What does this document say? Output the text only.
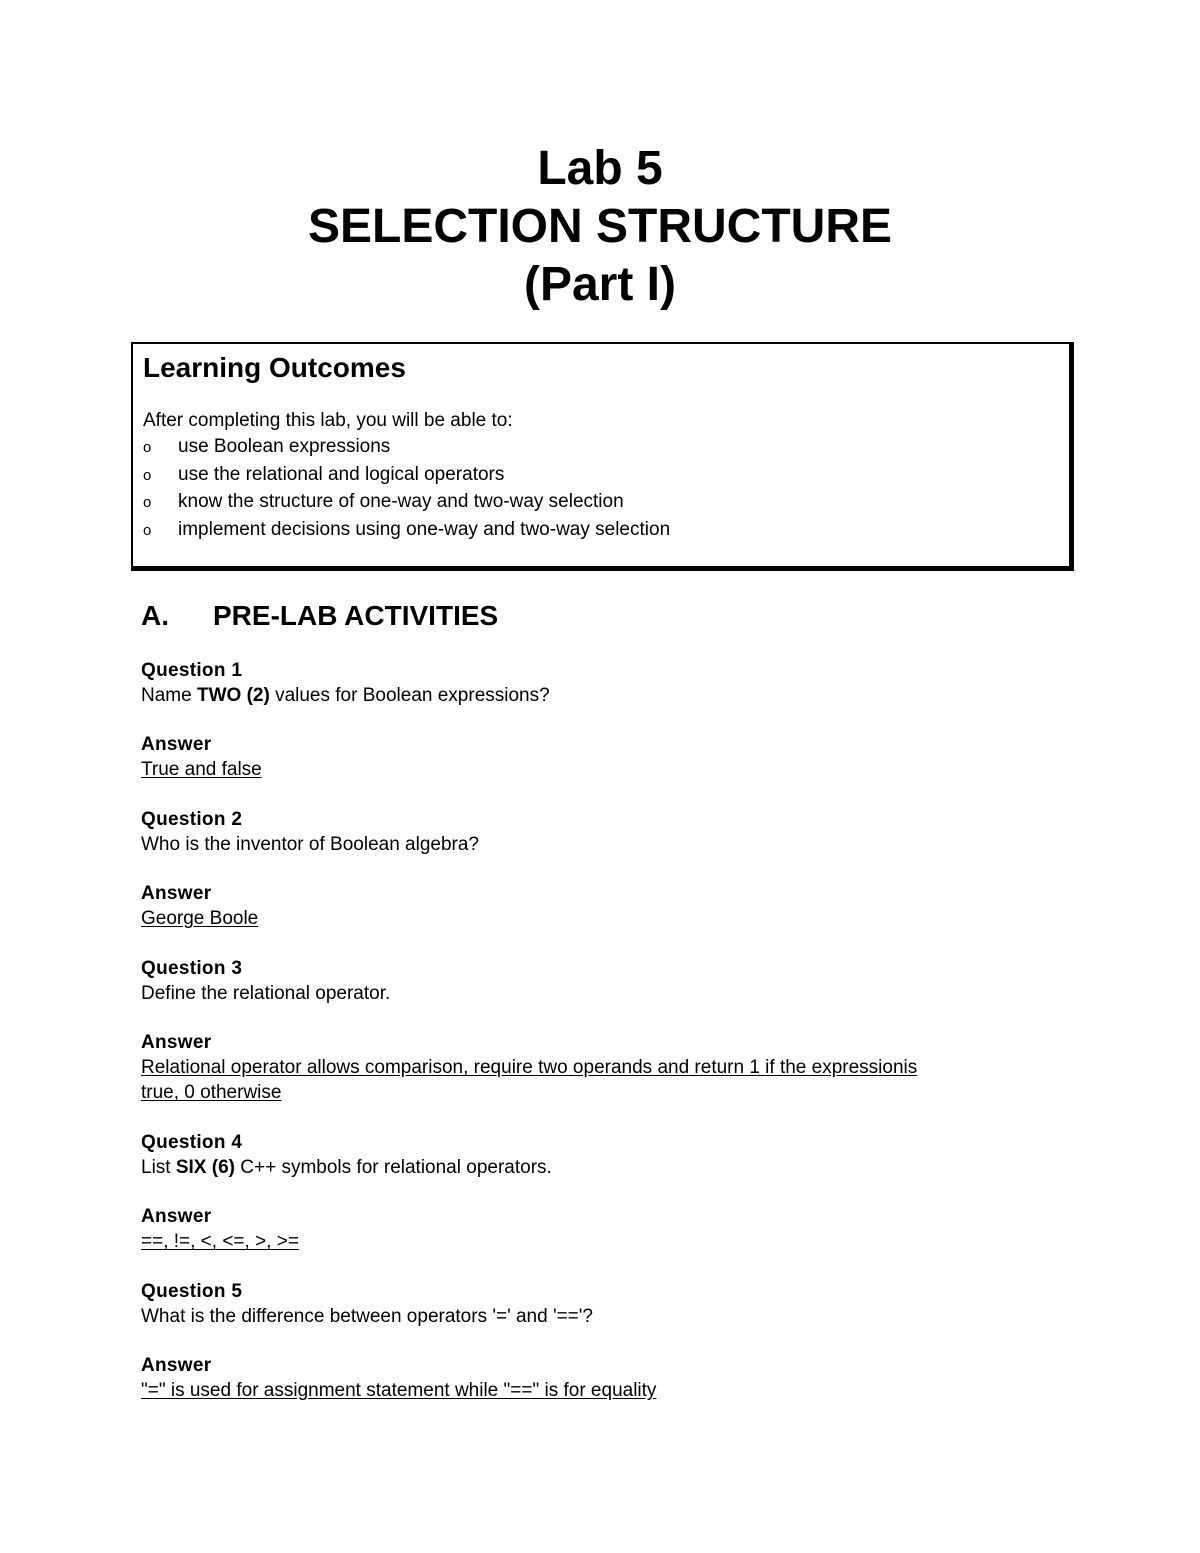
Lab 5

SELECTION STRUCTURE

(Part I)

Learning Outcomes

After completing this lab, you will be able to:

o	use Boolean expressions
o	use the relational and logical operators
o	know the structure of one-way and two-way selection
o	implement decisions using one-way and two-way selection
A. PRE-LAB ACTIVITIES

Question 1

Name TWO (2) values for Boolean expressions?

Answer

True and false

Question 2

Who is the inventor of Boolean algebra?

Answer

George Boole

Question 3

Define the relational operator.

Answer

Relational operator allows comparison, require two operands and return 1 if the expressionis

true, 0 otherwise

Question 4

List SIX (6) C++ symbols for relational operators.

Answer

==, !=, <, <=, >, >=

Question 5

What is the difference between operators '=' and '=='?

Answer

"=" is used for assignment statement while "==" is for equality
